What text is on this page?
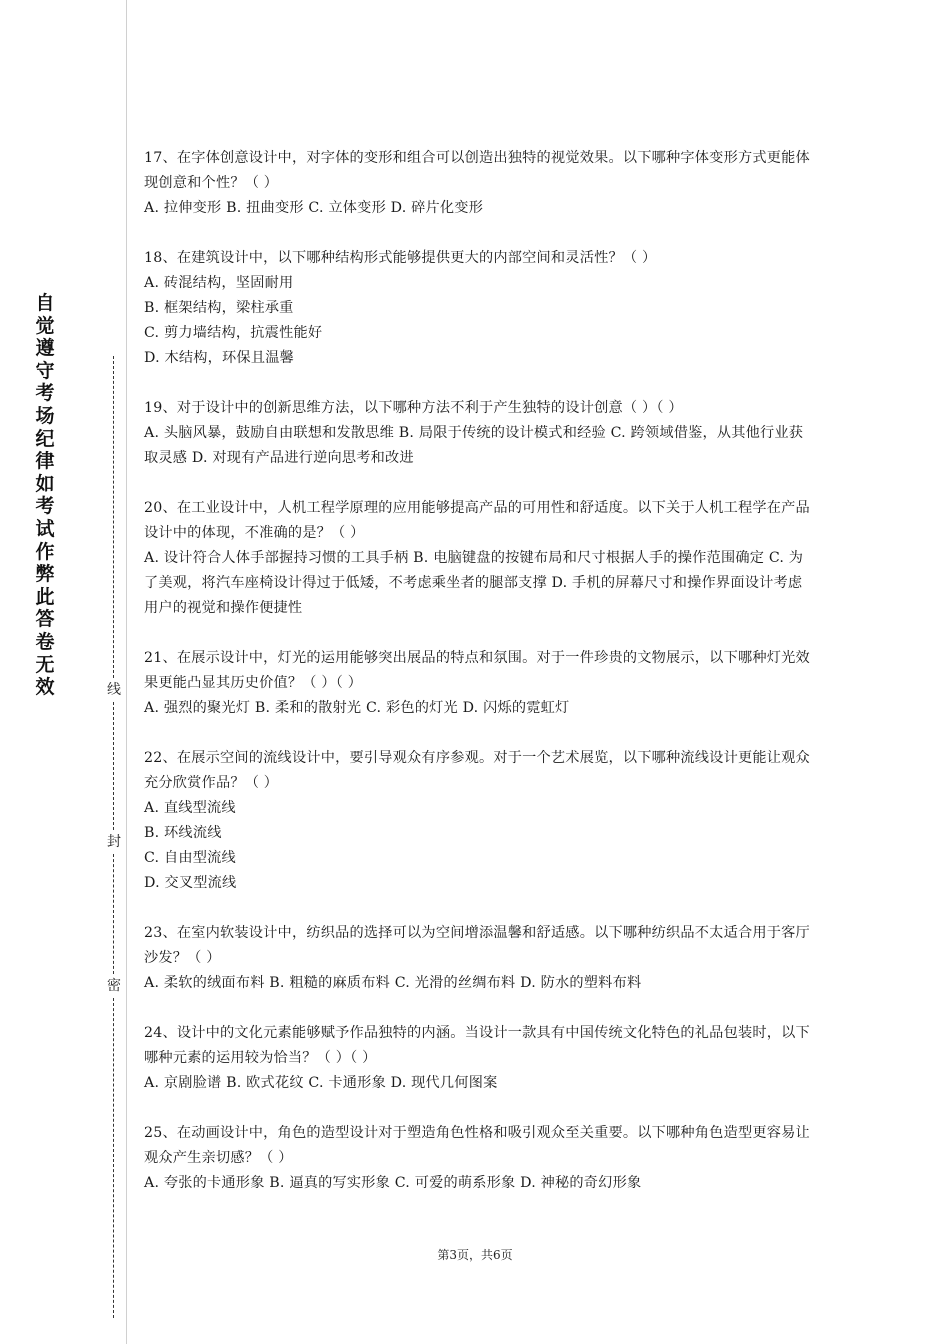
自觉遵守考场纪律如考试作弊此答卷无效	线
封
密

17、在字体创意设计中，对字体的变形和组合可以创造出独特的视觉效果。以下哪种字体变形方式更能体现创意和个性？（ ）

A. 拉伸变形 B. 扭曲变形 C. 立体变形 D. 碎片化变形

18、在建筑设计中，以下哪种结构形式能够提供更大的内部空间和灵活性？（ ）

A. 砖混结构，坚固耐用
B. 框架结构，梁柱承重
C. 剪力墙结构，抗震性能好
D. 木结构，环保且温馨

19、对于设计中的创新思维方法，以下哪种方法不利于产生独特的设计创意（ ）（ ）

A. 头脑风暴，鼓励自由联想和发散思维 B. 局限于传统的设计模式和经验 C. 跨领域借鉴，从其他行业获取灵感 D. 对现有产品进行逆向思考和改进

20、在工业设计中，人机工程学原理的应用能够提高产品的可用性和舒适度。以下关于人机工程学在产品设计中的体现，不准确的是？（ ）

A. 设计符合人体手部握持习惯的工具手柄 B. 电脑键盘的按键布局和尺寸根据人手的操作范围确定 C. 为了美观，将汽车座椅设计得过于低矮，不考虑乘坐者的腿部支撑 D. 手机的屏幕尺寸和操作界面设计考虑用户的视觉和操作便捷性

21、在展示设计中，灯光的运用能够突出展品的特点和氛围。对于一件珍贵的文物展示，以下哪种灯光效果更能凸显其历史价值？（ ）（ ）

A. 强烈的聚光灯 B. 柔和的散射光 C. 彩色的灯光 D. 闪烁的霓虹灯

22、在展示空间的流线设计中，要引导观众有序参观。对于一个艺术展览，以下哪种流线设计更能让观众充分欣赏作品？（ ）

A. 直线型流线
B. 环线流线
C. 自由型流线
D. 交叉型流线

23、在室内软装设计中，纺织品的选择可以为空间增添温馨和舒适感。以下哪种纺织品不太适合用于客厅沙发？（ ）

A. 柔软的绒面布料 B. 粗糙的麻质布料 C. 光滑的丝绸布料 D. 防水的塑料布料

24、设计中的文化元素能够赋予作品独特的内涵。当设计一款具有中国传统文化特色的礼品包装时，以下哪种元素的运用较为恰当？（ ）（ ）

A. 京剧脸谱 B. 欧式花纹 C. 卡通形象 D. 现代几何图案

25、在动画设计中，角色的造型设计对于塑造角色性格和吸引观众至关重要。以下哪种角色造型更容易让观众产生亲切感？（ ）

A. 夸张的卡通形象 B. 逼真的写实形象 C. 可爱的萌系形象 D. 神秘的奇幻形象

第3页，共6页
